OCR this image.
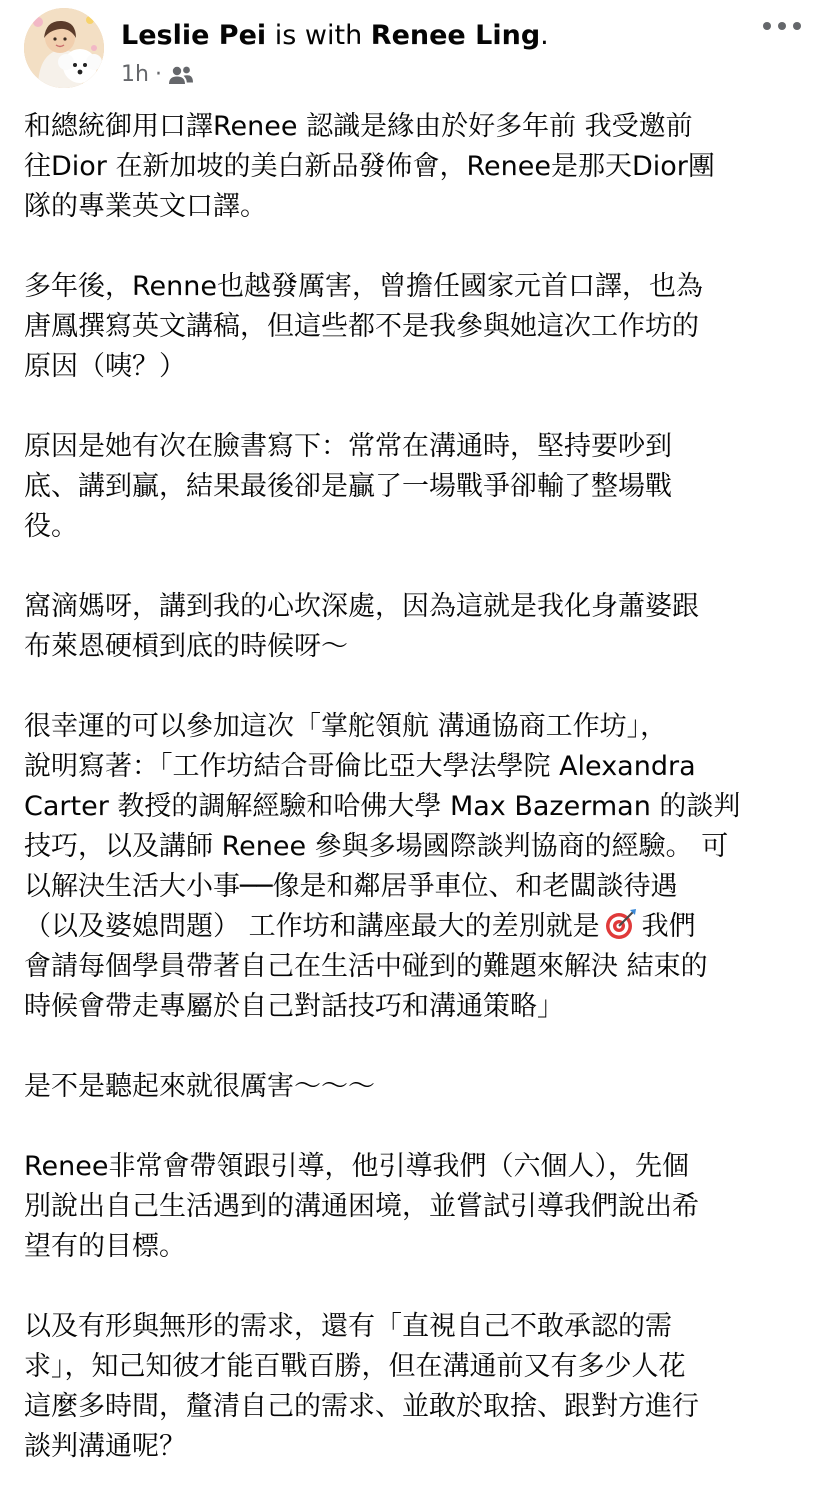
Leslie Pei is with Renee Ling.
1h ·
和總統御用口譯Renee 認識是緣由於好多年前 我受邀前
往Dior 在新加坡的美白新品發佈會，Renee是那天Dior團
隊的專業英文口譯。
多年後，Renne也越發厲害，曾擔任國家元首口譯，也為
唐鳳撰寫英文講稿，但這些都不是我參與她這次工作坊的
原因（咦？）
原因是她有次在臉書寫下：常常在溝通時，堅持要吵到
底、講到贏，結果最後卻是贏了一場戰爭卻輸了整場戰
役。
窩滴媽呀，講到我的心坎深處，因為這就是我化身蕭婆跟
布萊恩硬槓到底的時候呀～
很幸運的可以參加這次「掌舵領航 溝通協商工作坊」，
說明寫著：「工作坊結合哥倫比亞大學法學院 Alexandra
Carter 教授的調解經驗和哈佛大學 Max Bazerman 的談判
技巧，以及講師 Renee 參與多場國際談判協商的經驗。 可
以解決生活大小事──像是和鄰居爭車位、和老闆談待遇
（以及婆媳問題） 工作坊和講座最大的差別就是 我們
會請每個學員帶著自己在生活中碰到的難題來解決 結束的
時候會帶走專屬於自己對話技巧和溝通策略」
是不是聽起來就很厲害～～～
Renee非常會帶領跟引導，他引導我們（六個人），先個
別說出自己生活遇到的溝通困境，並嘗試引導我們說出希
望有的目標。
以及有形與無形的需求，還有「直視自己不敢承認的需
求」，知己知彼才能百戰百勝，但在溝通前又有多少人花
這麼多時間，釐清自己的需求、並敢於取捨、跟對方進行
談判溝通呢？
